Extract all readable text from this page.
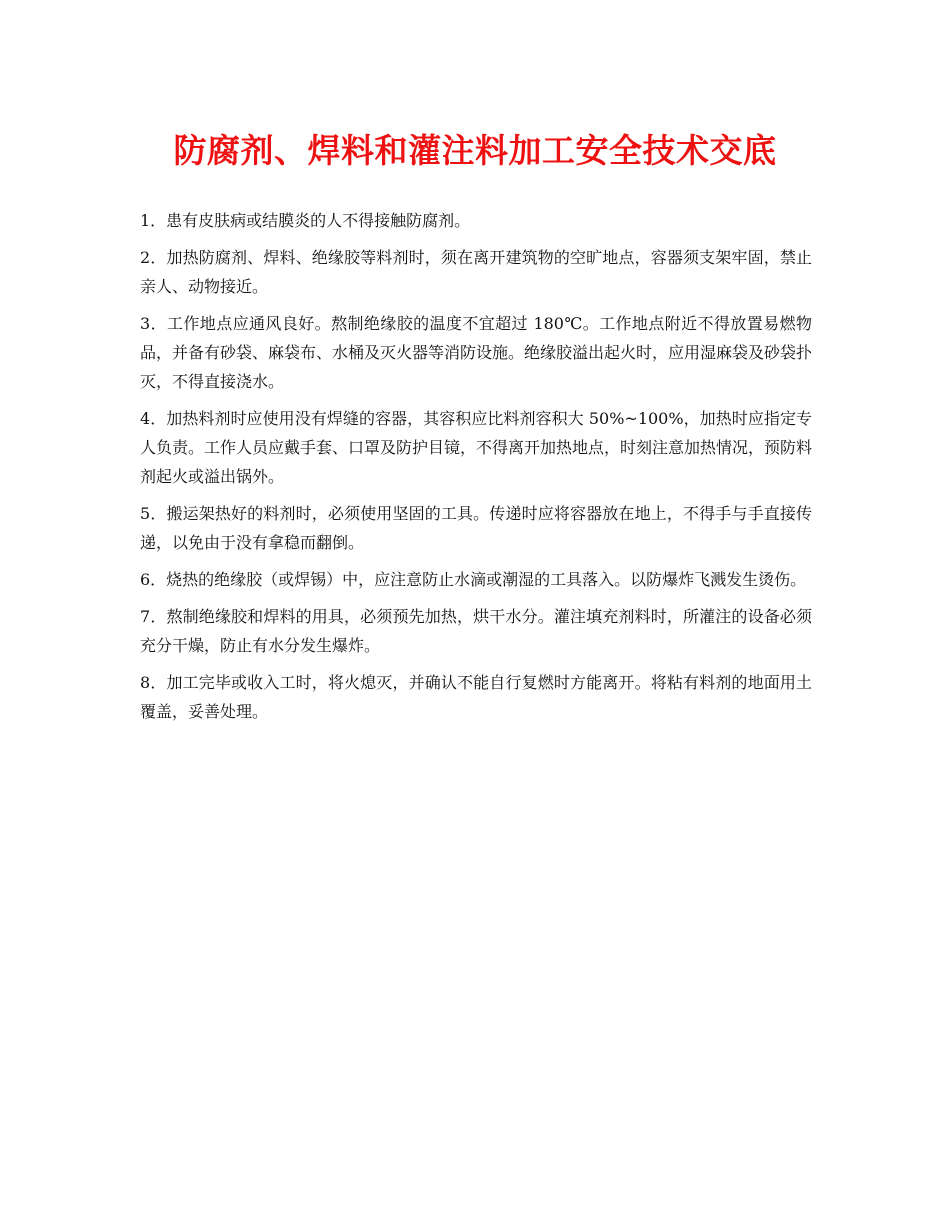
防腐剂、焊料和灌注料加工安全技术交底

1．患有皮肤病或结膜炎的人不得接触防腐剂。

2．加热防腐剂、焊料、绝缘胶等料剂时，须在离开建筑物的空旷地点，容器须支架牢固，禁止亲人、动物接近。

3．工作地点应通风良好。熬制绝缘胶的温度不宜超过 180℃。工作地点附近不得放置易燃物品，并备有砂袋、麻袋布、水桶及灭火器等消防设施。绝缘胶溢出起火时，应用湿麻袋及砂袋扑灭，不得直接浇水。

4．加热料剂时应使用没有焊缝的容器，其容积应比料剂容积大 50%~100%，加热时应指定专人负责。工作人员应戴手套、口罩及防护目镜，不得离开加热地点，时刻注意加热情况，预防料剂起火或溢出锅外。

5．搬运架热好的料剂时，必须使用坚固的工具。传递时应将容器放在地上，不得手与手直接传递，以免由于没有拿稳而翻倒。

6．烧热的绝缘胶（或焊锡）中，应注意防止水滴或潮湿的工具落入。以防爆炸飞溅发生烫伤。

7．熬制绝缘胶和焊料的用具，必须预先加热，烘干水分。灌注填充剂料时，所灌注的设备必须充分干燥，防止有水分发生爆炸。

8．加工完毕或收入工时，将火熄灭，并确认不能自行复燃时方能离开。将粘有料剂的地面用土覆盖，妥善处理。
